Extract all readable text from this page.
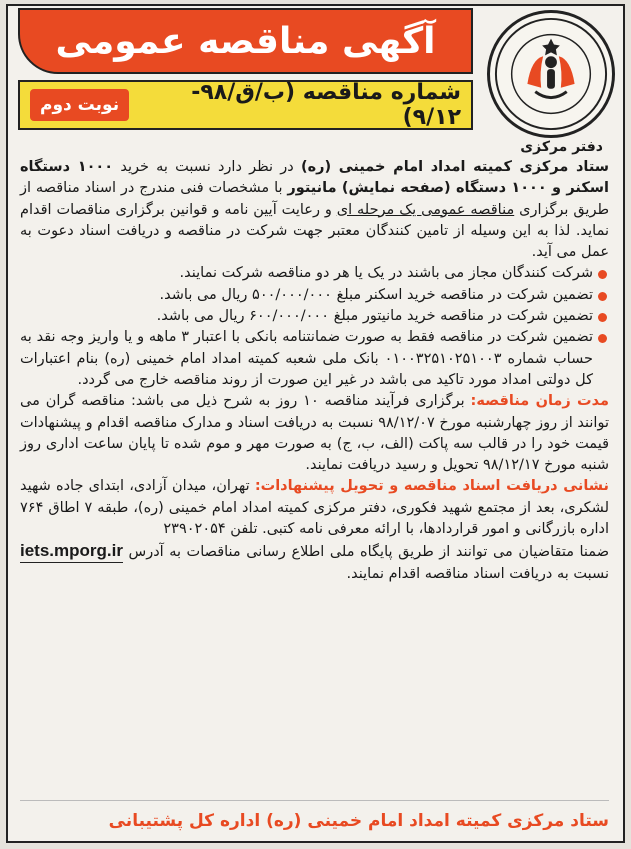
آگهی مناقصه عمومی
شماره مناقصه (ب/ق/۹۸- ۹/۱۲)
نوبت دوم
دفتر مرکزی

ستاد مرکزی کمیته امداد امام خمینی (ره) در نظر دارد نسبت به خرید ۱۰۰۰ دستگاه اسکنر و ۱۰۰۰ دستگاه (صفحه نمایش) مانیتور با مشخصات فنی مندرج در اسناد مناقصه از طریق برگزاری مناقصه عمومی یک مرحله ای و رعایت آیین نامه و قوانین برگزاری مناقصات اقدام نماید. لذا به این وسیله از تامین کنندگان معتبر جهت شرکت در مناقصه و دریافت اسناد دعوت به عمل می آید.

شرکت کنندگان مجاز می باشند در یک یا هر دو مناقصه شرکت نمایند.
تضمین شرکت در مناقصه خرید اسکنر مبلغ ۵۰۰/۰۰۰/۰۰۰ ریال می باشد.
تضمین شرکت در مناقصه خرید مانیتور مبلغ ۶۰۰/۰۰۰/۰۰۰ ریال می باشد.
تضمین شرکت در مناقصه فقط به صورت ضمانتنامه بانکی با اعتبار ۳ ماهه و یا واریز وجه نقد به حساب شماره ۰۱۰۰۳۲۵۱۰۲۵۱۰۰۳ بانک ملی شعبه کمیته امداد امام خمینی (ره) بنام اعتبارات کل دولتی امداد مورد تاکید می باشد در غیر این صورت از روند مناقصه خارج می گردد.

مدت زمان مناقصه: برگزاری فرآیند مناقصه ۱۰ روز به شرح ذیل می باشد: مناقصه گران می توانند از روز چهارشنبه مورخ ۹۸/۱۲/۰۷ نسبت به دریافت اسناد و مدارک مناقصه اقدام و پیشنهادات قیمت خود را در قالب سه پاکت (الف، ب، ج) به صورت مهر و موم شده تا پایان ساعت اداری روز شنبه مورخ ۹۸/۱۲/۱۷ تحویل و رسید دریافت نمایند.

نشانی دریافت اسناد مناقصه و تحویل پیشنهادات: تهران، میدان آزادی، ابتدای جاده شهید لشکری، بعد از مجتمع شهید فکوری، دفتر مرکزی کمیته امداد امام خمینی (ره)، طبقه ۷ اطاق ۷۶۴ اداره بازرگانی و امور قراردادها، با ارائه معرفی نامه کتبی. تلفن ۲۳۹۰۲۰۵۴

ضمنا متقاضیان می توانند از طریق پایگاه ملی اطلاع رسانی مناقصات به آدرس iets.mporg.ir نسبت به دریافت اسناد مناقصه اقدام نمایند.

ستاد مرکزی کمیته امداد امام خمینی (ره) اداره کل پشتیبانی
